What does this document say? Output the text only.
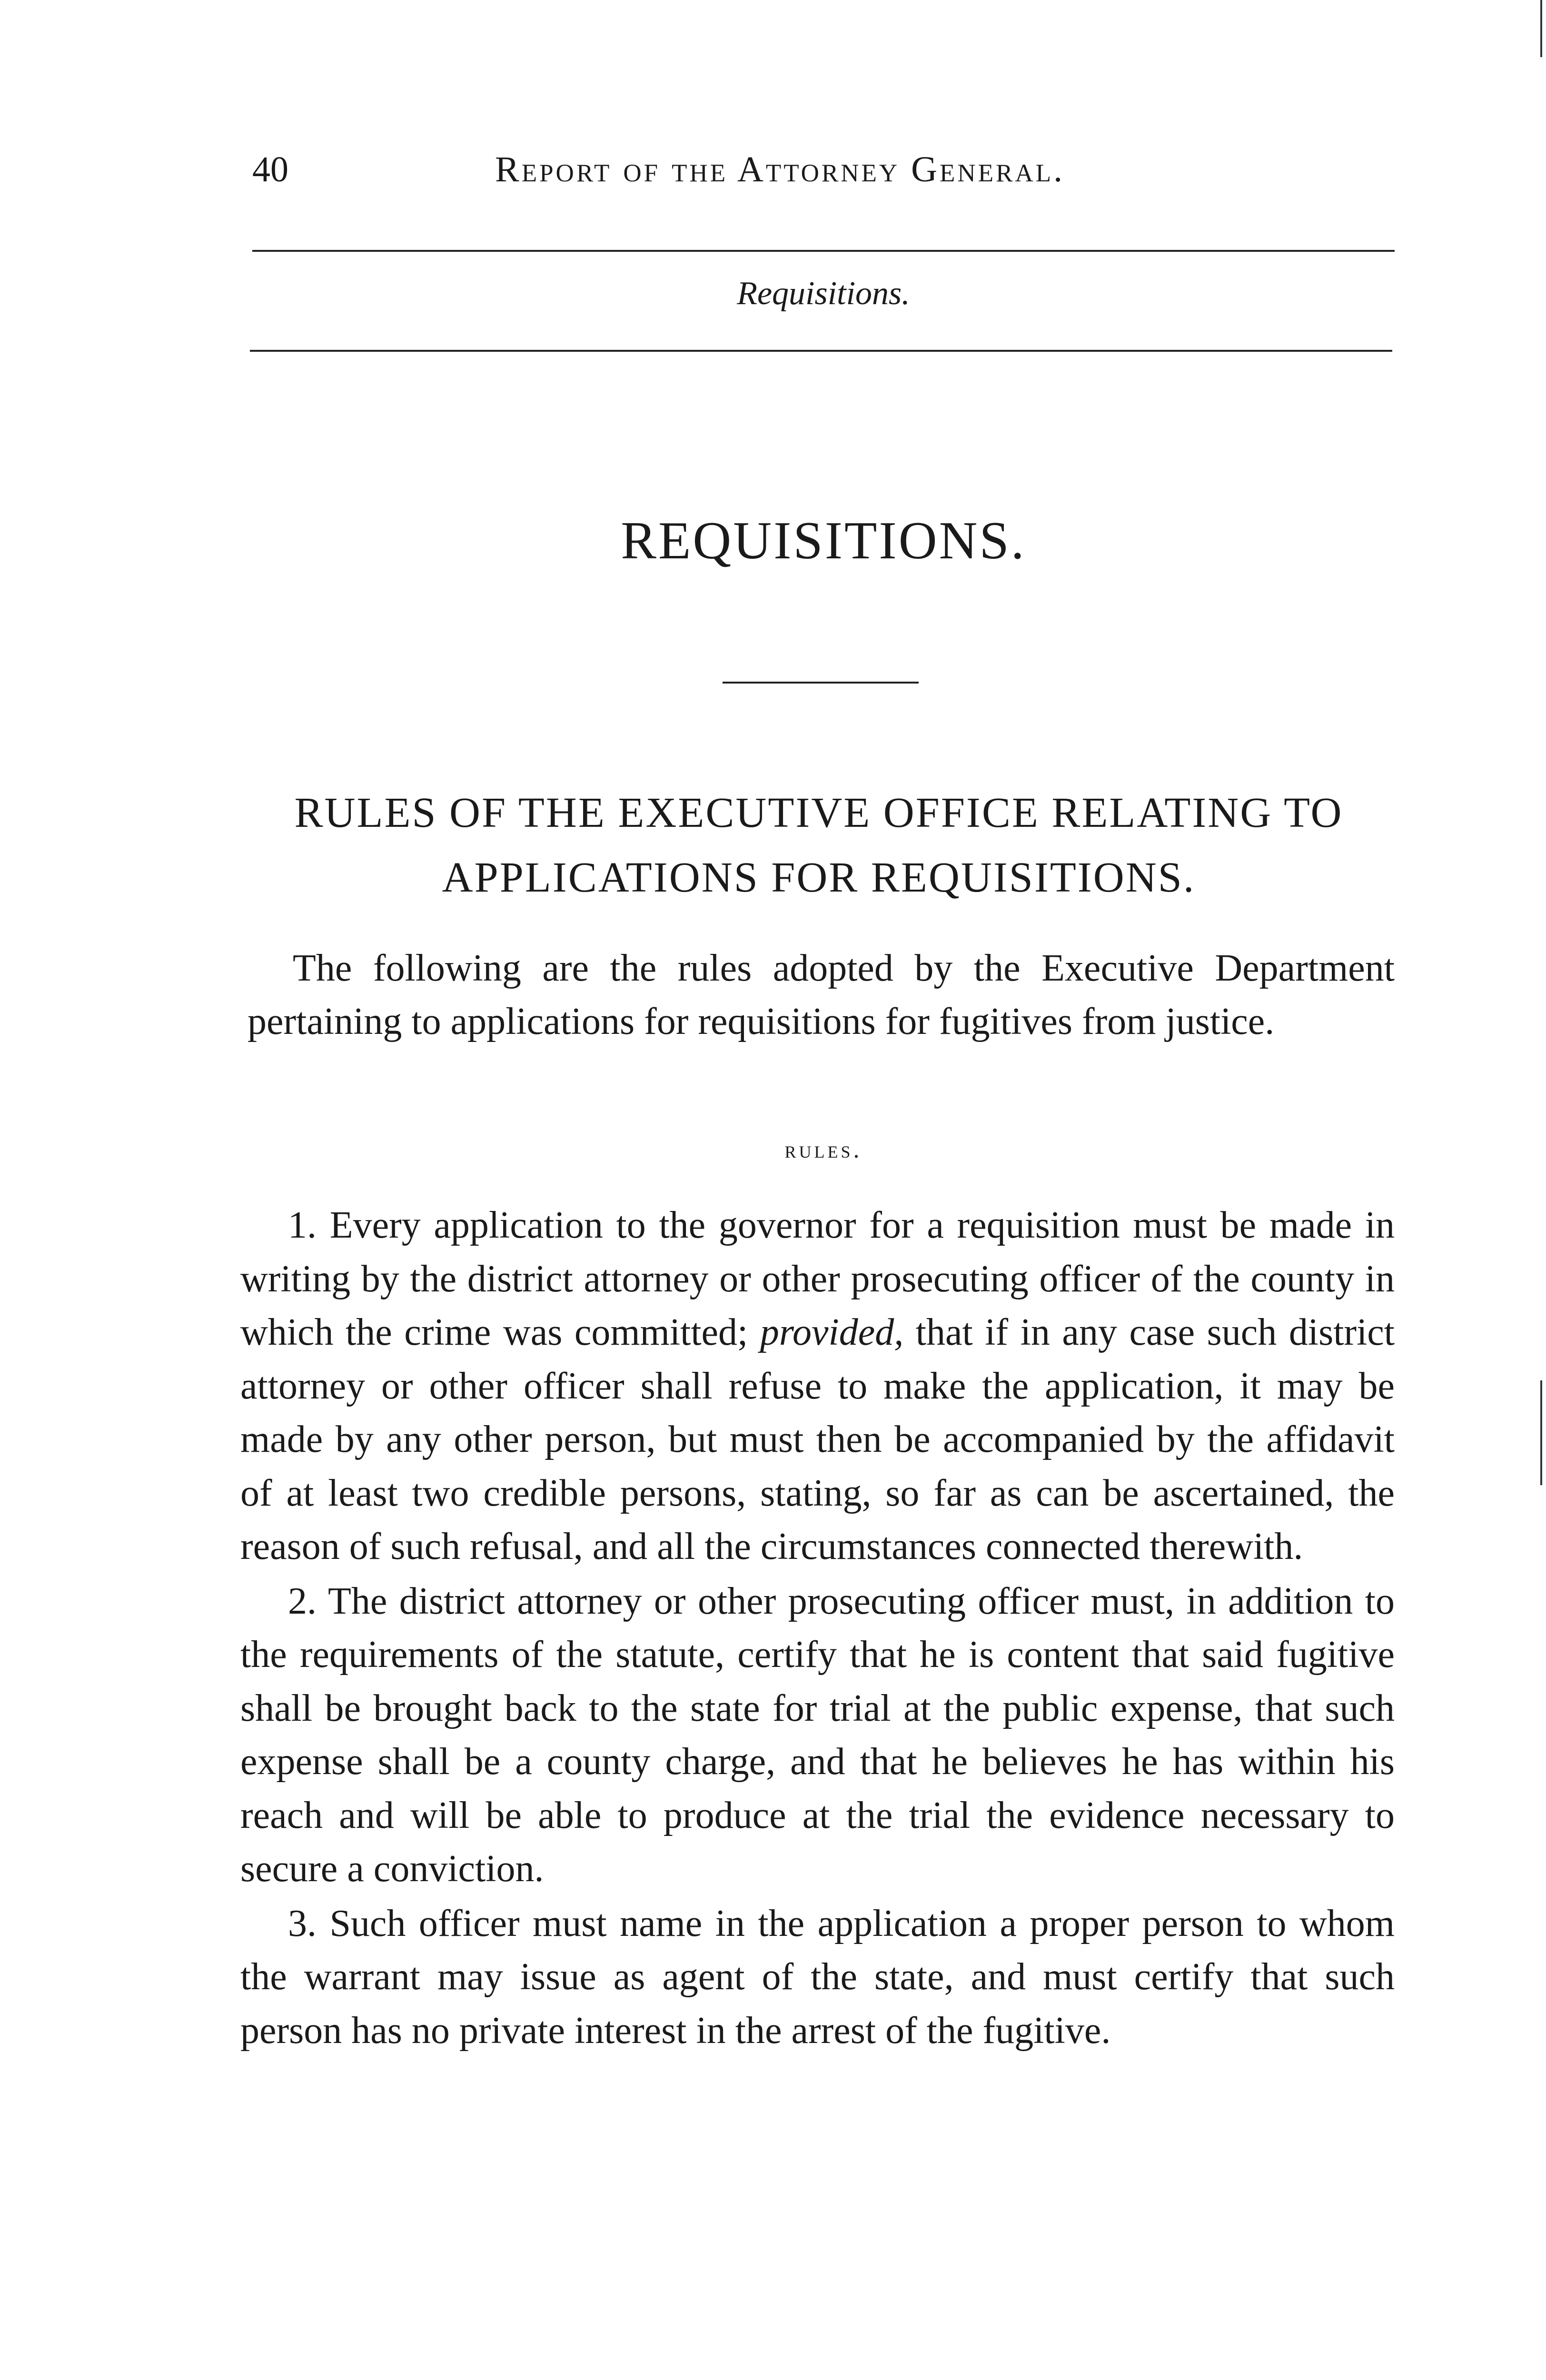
40	Report of the Attorney General.
Requisitions.
REQUISITIONS.
RULES OF THE EXECUTIVE OFFICE RELATING TO
APPLICATIONS FOR REQUISITIONS.

The following are the rules adopted by the Executive Department pertaining to applications for requisitions for fugitives from justice.

rules.

1. Every application to the governor for a requisition must be made in writing by the district attorney or other prosecuting officer of the county in which the crime was committed; provided, that if in any case such district attorney or other officer shall refuse to make the application, it may be made by any other person, but must then be accompanied by the affidavit of at least two credible persons, stating, so far as can be ascertained, the reason of such refusal, and all the circumstances connected therewith.

2. The district attorney or other prosecuting officer must, in addition to the requirements of the statute, certify that he is content that said fugitive shall be brought back to the state for trial at the public expense, that such expense shall be a county charge, and that he believes he has within his reach and will be able to produce at the trial the evidence necessary to secure a conviction.

3. Such officer must name in the application a proper person to whom the warrant may issue as agent of the state, and must certify that such person has no private interest in the arrest of the fugitive.
